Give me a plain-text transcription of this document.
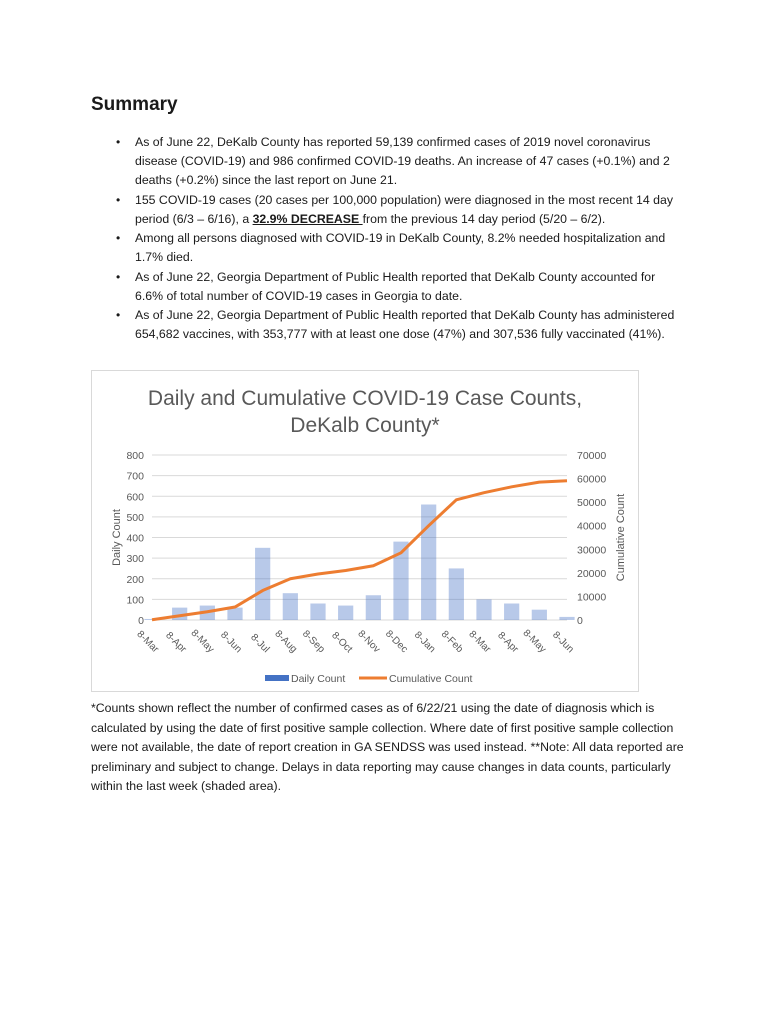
Summary
• As of June 22, DeKalb County has reported 59,139 confirmed cases of 2019 novel coronavirus disease (COVID-19) and 986 confirmed COVID-19 deaths. An increase of 47 cases (+0.1%) and 2 deaths (+0.2%) since the last report on June 21.
• 155 COVID-19 cases (20 cases per 100,000 population) were diagnosed in the most recent 14 day period (6/3 – 6/16), a 32.9% DECREASE from the previous 14 day period (5/20 – 6/2).
• Among all persons diagnosed with COVID-19 in DeKalb County, 8.2% needed hospitalization and 1.7% died.
• As of June 22, Georgia Department of Public Health reported that DeKalb County accounted for 6.6% of total number of COVID-19 cases in Georgia to date.
• As of June 22, Georgia Department of Public Health reported that DeKalb County has administered 654,682 vaccines, with 353,777 with at least one dose (47%) and 307,536 fully vaccinated (41%).
Daily and Cumulative COVID-19 Case Counts,
DeKalb County*
0
100
200
300
400
500
600
700
800
0
10000
20000
30000
40000
50000
60000
70000
Daily Count	Cumulative Count
8-Mar 8-Apr 8-May 8-Jun 8-Jul 8-Aug 8-Sep 8-Oct 8-Nov 8-Dec 8-Jan 8-Feb 8-Mar 8-Apr 8-May 8-Jun
Daily Count	Cumulative Count

*Counts shown reflect the number of confirmed cases as of 6/22/21 using the date of diagnosis which is calculated by using the date of first positive sample collection. Where date of first positive sample collection were not available, the date of report creation in GA SENDSS was used instead. **Note: All data reported are preliminary and subject to change. Delays in data reporting may cause changes in data counts, particularly within the last week (shaded area).
